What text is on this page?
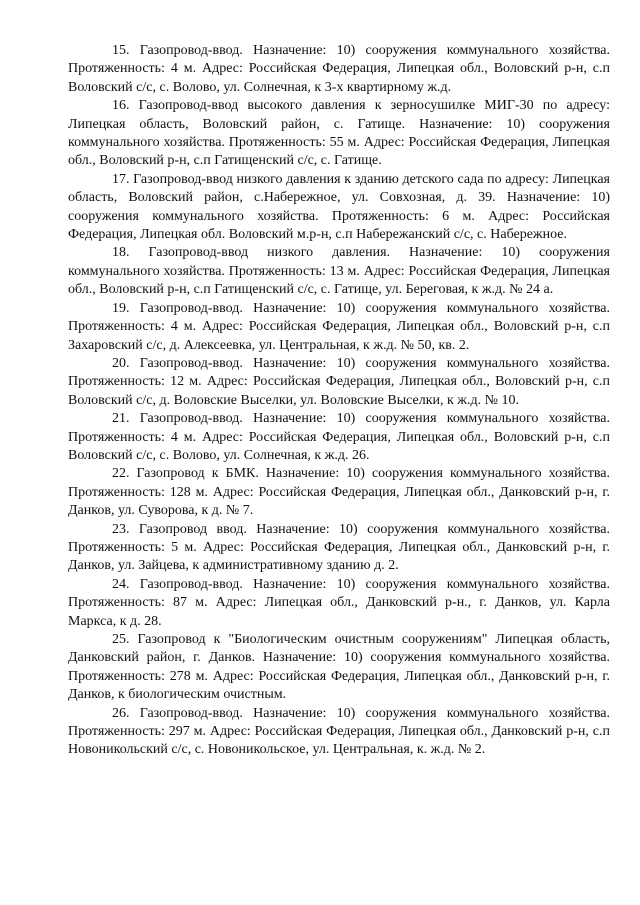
15. Газопровод-ввод. Назначение: 10) сооружения коммунального хозяйства. Протяженность: 4 м. Адрес: Российская Федерация, Липецкая обл., Воловский р-н, с.п Воловский с/с, с. Волово, ул. Солнечная, к 3-х квартирному ж.д.

16. Газопровод-ввод высокого давления к зерносушилке МИГ-30 по адресу: Липецкая область, Воловский район, с. Гатище. Назначение: 10) сооружения коммунального хозяйства. Протяженность: 55 м. Адрес: Российская Федерация, Липецкая обл., Воловский р-н, с.п Гатищенский с/с, с. Гатище.

17. Газопровод-ввод низкого давления к зданию детского сада по адресу: Липецкая область, Воловский район, с.Набережное, ул. Совхозная, д. 39. Назначение: 10) сооружения коммунального хозяйства. Протяженность: 6 м. Адрес: Российская Федерация, Липецкая обл. Воловский м.р-н, с.п Набережанский с/с, с. Набережное.

18. Газопровод-ввод низкого давления. Назначение: 10) сооружения коммунального хозяйства. Протяженность: 13 м. Адрес: Российская Федерация, Липецкая обл., Воловский р-н, с.п Гатищенский с/с, с. Гатище, ул. Береговая, к ж.д. № 24 а.

19. Газопровод-ввод. Назначение: 10) сооружения коммунального хозяйства. Протяженность: 4 м. Адрес: Российская Федерация, Липецкая обл., Воловский р-н, с.п Захаровский с/с, д. Алексеевка, ул. Центральная, к ж.д. № 50, кв. 2.

20. Газопровод-ввод. Назначение: 10) сооружения коммунального хозяйства. Протяженность: 12 м. Адрес: Российская Федерация, Липецкая обл., Воловский р-н, с.п Воловский с/с, д. Воловские Выселки, ул. Воловские Выселки, к ж.д. № 10.

21. Газопровод-ввод. Назначение: 10) сооружения коммунального хозяйства. Протяженность: 4 м. Адрес: Российская Федерация, Липецкая обл., Воловский р-н, с.п Воловский с/с, с. Волово, ул. Солнечная, к ж.д. 26.

22. Газопровод к БМК. Назначение: 10) сооружения коммунального хозяйства. Протяженность: 128 м. Адрес: Российская Федерация, Липецкая обл., Данковский р-н, г. Данков, ул. Суворова, к д. № 7.

23. Газопровод ввод. Назначение: 10) сооружения коммунального хозяйства. Протяженность: 5 м. Адрес: Российская Федерация, Липецкая обл., Данковский р-н, г. Данков, ул. Зайцева, к административному зданию д. 2.

24. Газопровод-ввод. Назначение: 10) сооружения коммунального хозяйства. Протяженность: 87 м. Адрес: Липецкая обл., Данковский р-н., г. Данков, ул. Карла Маркса, к д. 28.

25. Газопровод к "Биологическим очистным сооружениям" Липецкая область, Данковский район, г. Данков. Назначение: 10) сооружения коммунального хозяйства. Протяженность: 278 м. Адрес: Российская Федерация, Липецкая обл., Данковский р-н, г. Данков, к биологическим очистным.

26. Газопровод-ввод. Назначение: 10) сооружения коммунального хозяйства. Протяженность: 297 м. Адрес: Российская Федерация, Липецкая обл., Данковский р-н, с.п Новоникольский с/с, с. Новоникольское, ул. Центральная, к. ж.д. № 2.
